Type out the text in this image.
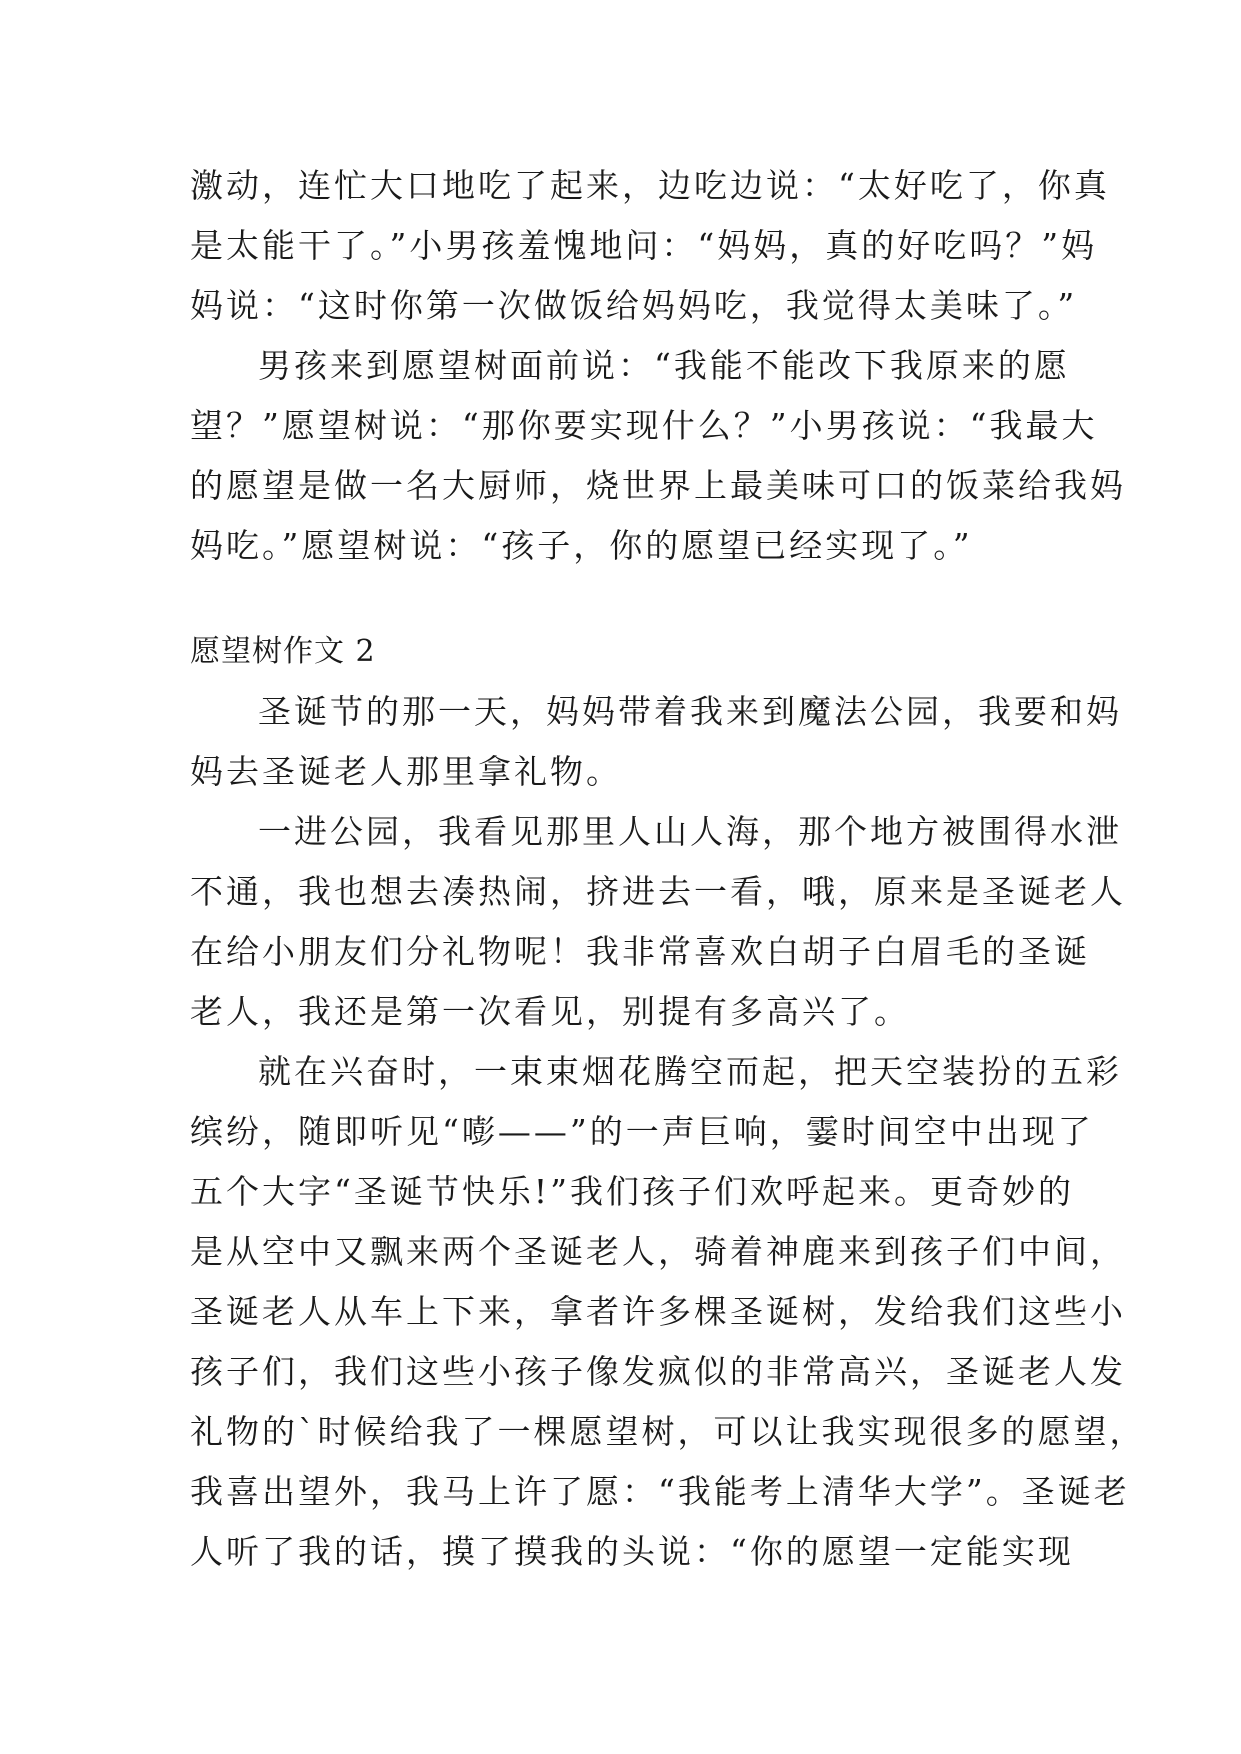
激动，连忙大口地吃了起来，边吃边说：“太好吃了，你真
是太能干了。”小男孩羞愧地问：“妈妈，真的好吃吗？”妈
妈说：“这时你第一次做饭给妈妈吃，我觉得太美味了。”
男孩来到愿望树面前说：“我能不能改下我原来的愿
望？”愿望树说：“那你要实现什么？”小男孩说：“我最大
的愿望是做一名大厨师，烧世界上最美味可口的饭菜给我妈
妈吃。”愿望树说：“孩子，你的愿望已经实现了。”
愿望树作文 2
圣诞节的那一天，妈妈带着我来到魔法公园，我要和妈
妈去圣诞老人那里拿礼物。
一进公园，我看见那里人山人海，那个地方被围得水泄
不通，我也想去凑热闹，挤进去一看，哦，原来是圣诞老人
在给小朋友们分礼物呢！我非常喜欢白胡子白眉毛的圣诞
老人，我还是第一次看见，别提有多高兴了。
就在兴奋时，一束束烟花腾空而起，把天空装扮的五彩
缤纷，随即听见“嘭——”的一声巨响，霎时间空中出现了
五个大字“圣诞节快乐!”我们孩子们欢呼起来。更奇妙的
是从空中又飘来两个圣诞老人，骑着神鹿来到孩子们中间，
圣诞老人从车上下来，拿者许多棵圣诞树，发给我们这些小
孩子们，我们这些小孩子像发疯似的非常高兴，圣诞老人发
礼物的`时候给我了一棵愿望树，可以让我实现很多的愿望，
我喜出望外，我马上许了愿：“我能考上清华大学”。圣诞老
人听了我的话，摸了摸我的头说：“你的愿望一定能实现
